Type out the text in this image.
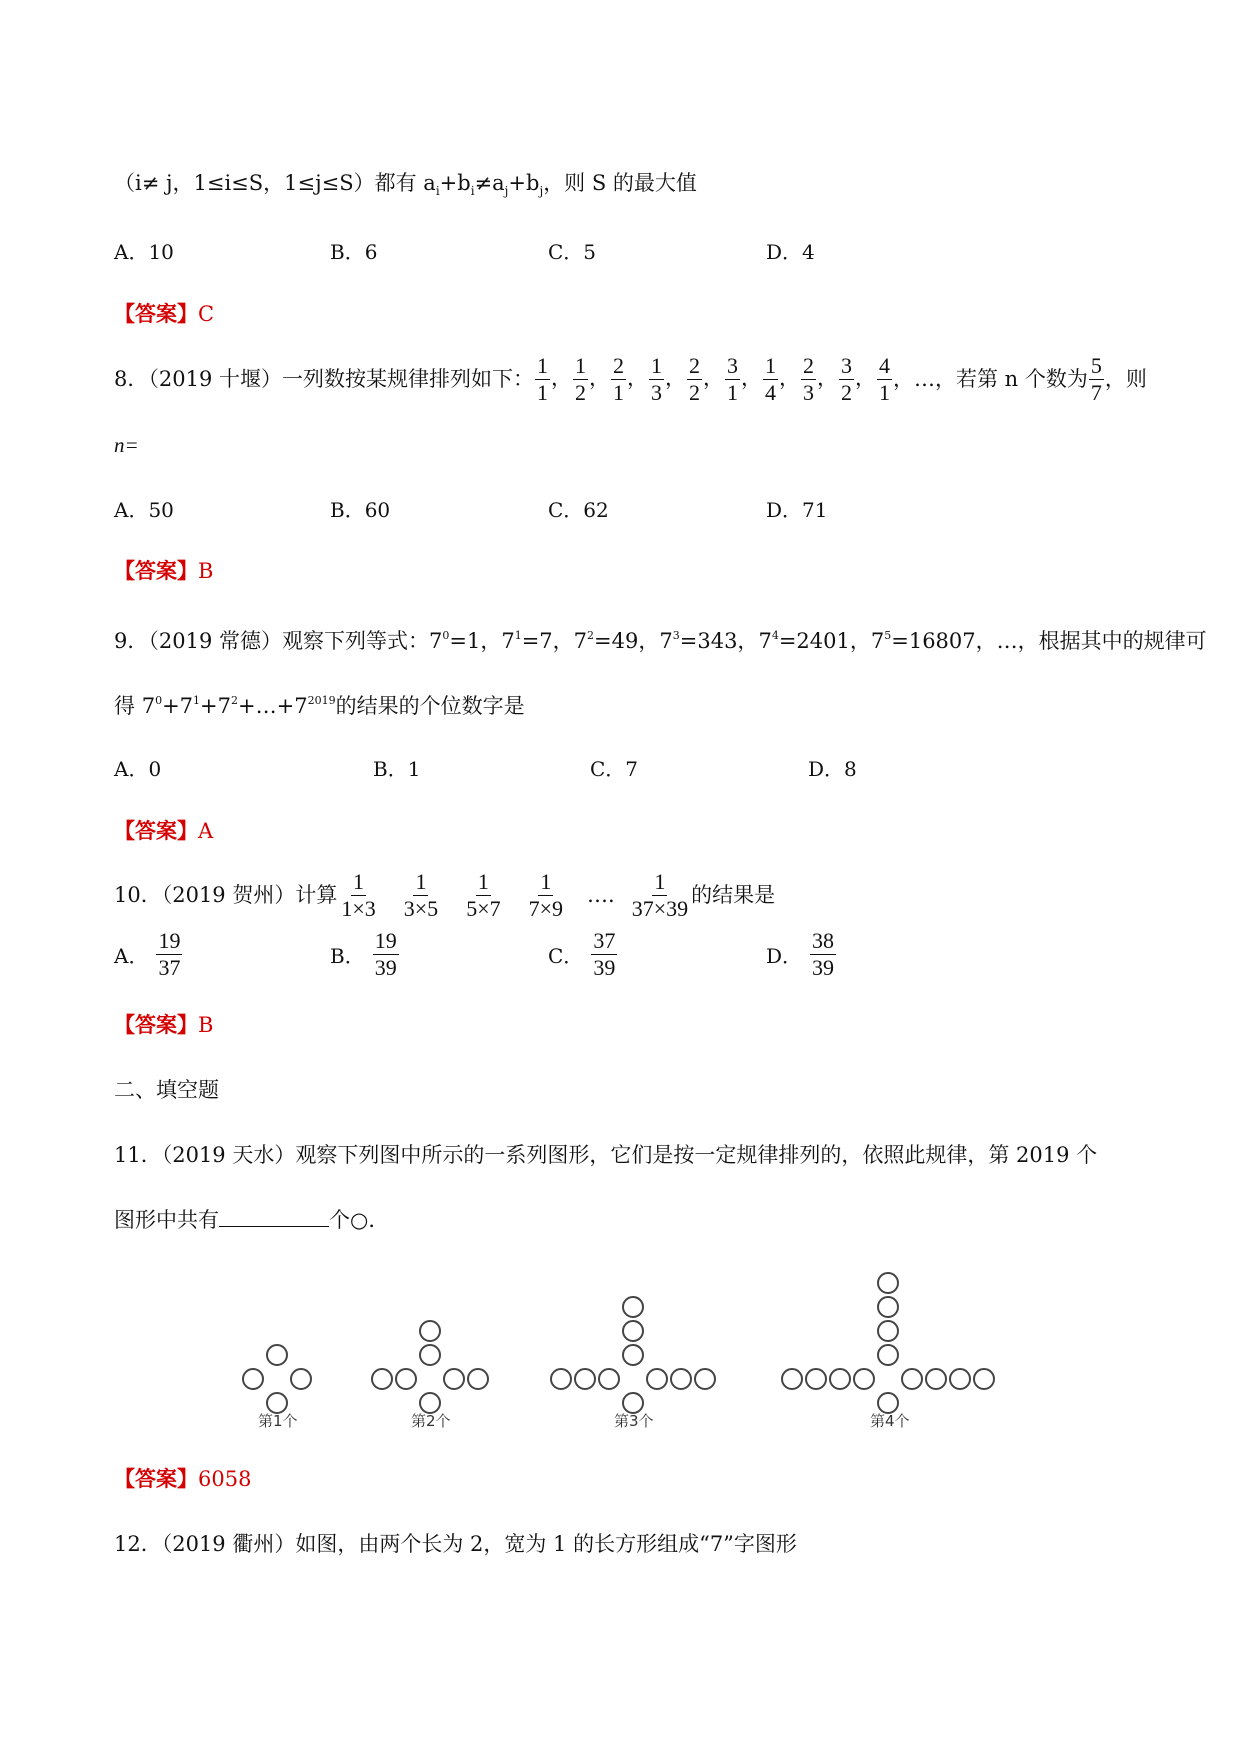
（i≠ j，1≤i≤S，1≤j≤S）都有 $a_i+b_i\ne a_j+b_j$，则 S 的最大值
A．10	B．6	C．5	D．4
【答案】C
8．（2019 十堰）一列数按某规律排列如下： $\frac{1}{1}$ ， $\frac{1}{2}$ ， $\frac{2}{1}$ ， $\frac{1}{3}$ ， $\frac{2}{2}$ ， $\frac{3}{1}$ ， $\frac{1}{4}$ ， $\frac{2}{3}$ ， $\frac{3}{2}$ ， $\frac{4}{1}$ ，…，若第 n 个数为 $\frac{5}{7}$ ，则
n=
A．50	B．60	C．62	D．71
【答案】B
9．（2019 常德）观察下列等式：$7^0=1$，$7^1=7$，$7^2=49$，$7^3=343$，$7^4=2401$，$7^5=16807$，…，根据其中的规律可
得 $7^0+7^1+7^2+\dots+7^{2019}$的结果的个位数字是
A．0	B．1	C．7	D．8
【答案】A
10．（2019 贺州）计算 $\frac{1}{1\times 3} \frac{1}{3\times 5} \frac{1}{5\times 7} \frac{1}{7\times 9}$ …. $\frac{1}{37\times 39}$ 的结果是
A． $\frac{19}{37}$	B． $\frac{19}{39}$	C． $\frac{37}{39}$	D． $\frac{38}{39}$
【答案】B
二、填空题
11．（2019 天水）观察下列图中所示的一系列图形，它们是按一定规律排列的，依照此规律，第 2019 个
图形中共有	个○．
第1个	第2个	第3个	第4个
【答案】6058
12．（2019 衢州）如图，由两个长为 2，宽为 1 的长方形组成“7”字图形
